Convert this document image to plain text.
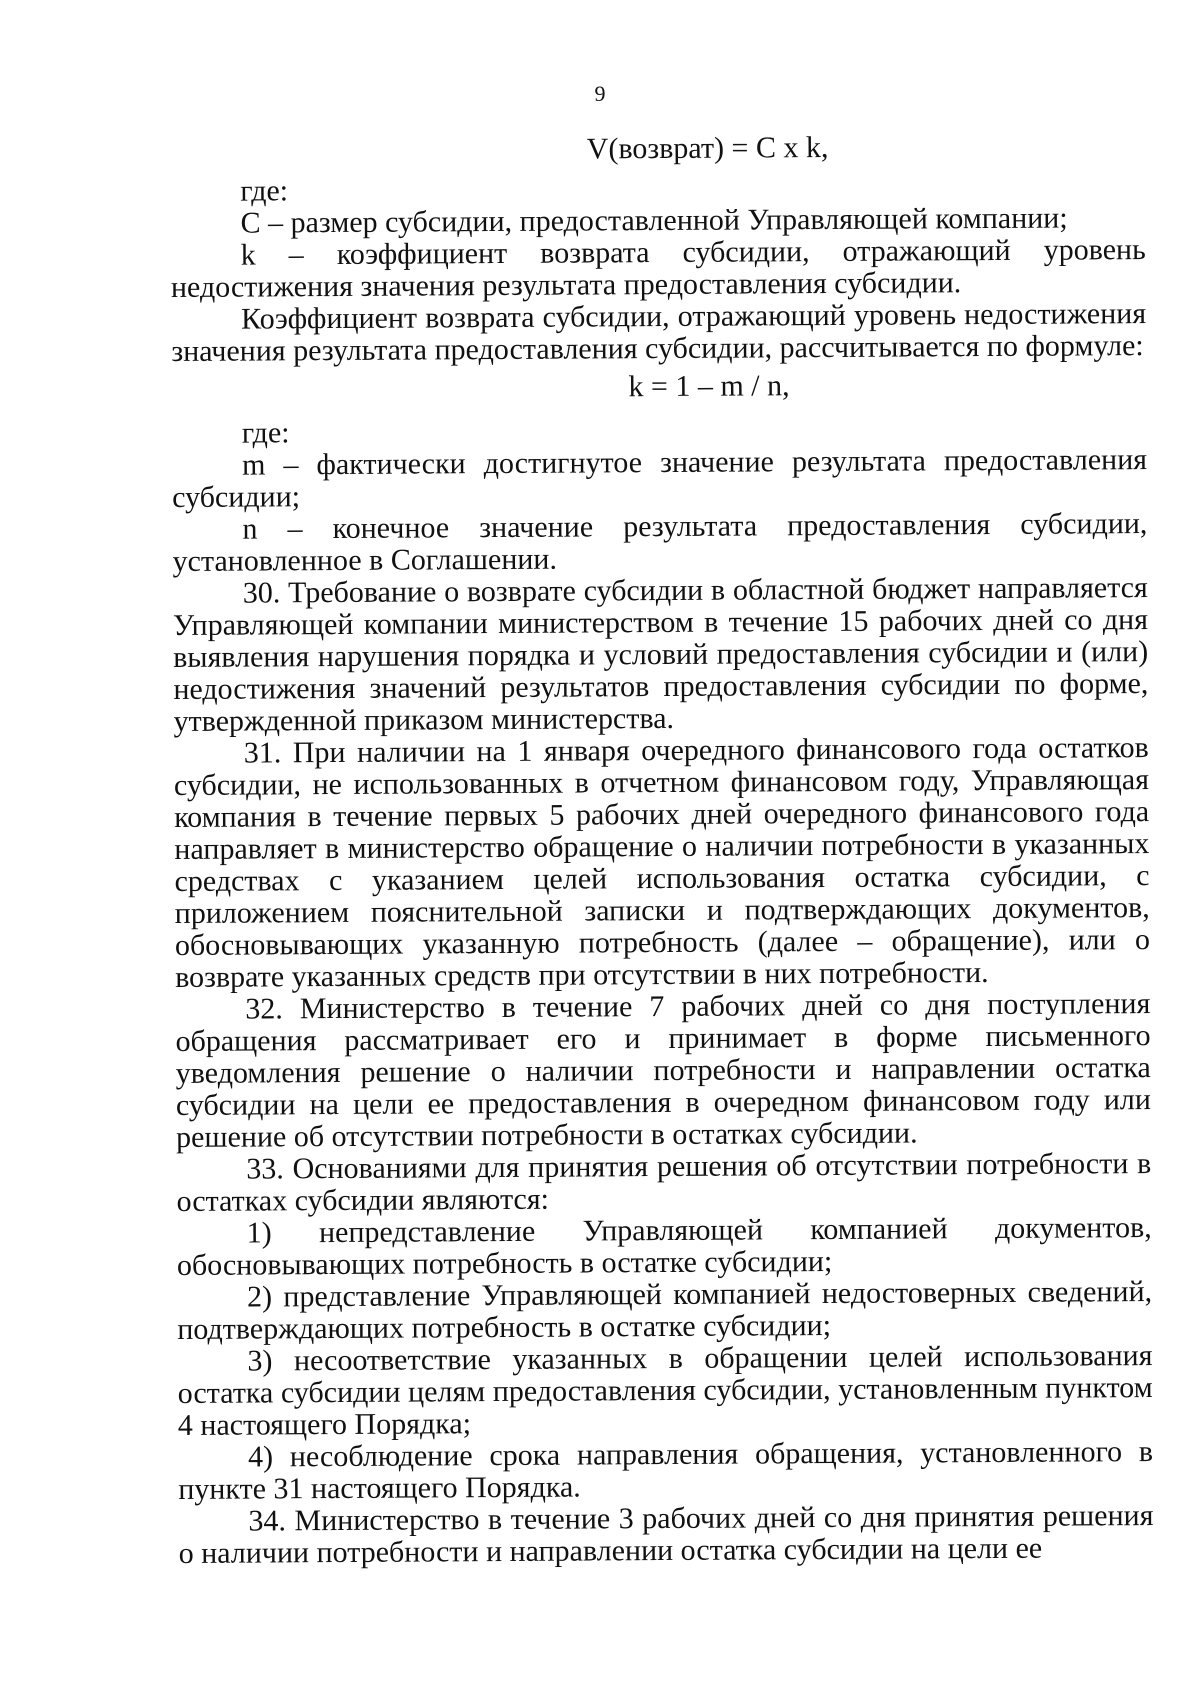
9
V(возврат) = C x k,

где:

C – размер субсидии, предоставленной Управляющей компании;

k – коэффициент возврата субсидии, отражающий уровень недостижения значения результата предоставления субсидии.

Коэффициент возврата субсидии, отражающий уровень недостижения значения результата предоставления субсидии, рассчитывается по формуле:

k = 1 – m / n,

где:

m – фактически достигнутое значение результата предоставления субсидии;

n – конечное значение результата предоставления субсидии, установленное в Соглашении.

30. Требование о возврате субсидии в областной бюджет направляется Управляющей компании министерством в течение 15 рабочих дней со дня выявления нарушения порядка и условий предоставления субсидии и (или) недостижения значений результатов предоставления субсидии по форме, утвержденной приказом министерства.

31. При наличии на 1 января очередного финансового года остатков субсидии, не использованных в отчетном финансовом году, Управляющая компания в течение первых 5 рабочих дней очередного финансового года направляет в министерство обращение о наличии потребности в указанных средствах с указанием целей использования остатка субсидии, с приложением пояснительной записки и подтверждающих документов, обосновывающих указанную потребность (далее – обращение), или о возврате указанных средств при отсутствии в них потребности.

32. Министерство в течение 7 рабочих дней со дня поступления обращения рассматривает его и принимает в форме письменного уведомления решение о наличии потребности и направлении остатка субсидии на цели ее предоставления в очередном финансовом году или решение об отсутствии потребности в остатках субсидии.

33. Основаниями для принятия решения об отсутствии потребности в остатках субсидии являются:

1) непредставление Управляющей компанией документов, обосновывающих потребность в остатке субсидии;

2) представление Управляющей компанией недостоверных сведений, подтверждающих потребность в остатке субсидии;

3) несоответствие указанных в обращении целей использования остатка субсидии целям предоставления субсидии, установленным пунктом 4 настоящего Порядка;

4) несоблюдение срока направления обращения, установленного в пункте 31 настоящего Порядка.

34. Министерство в течение 3 рабочих дней со дня принятия решения о наличии потребности и направлении остатка субсидии на цели ее
